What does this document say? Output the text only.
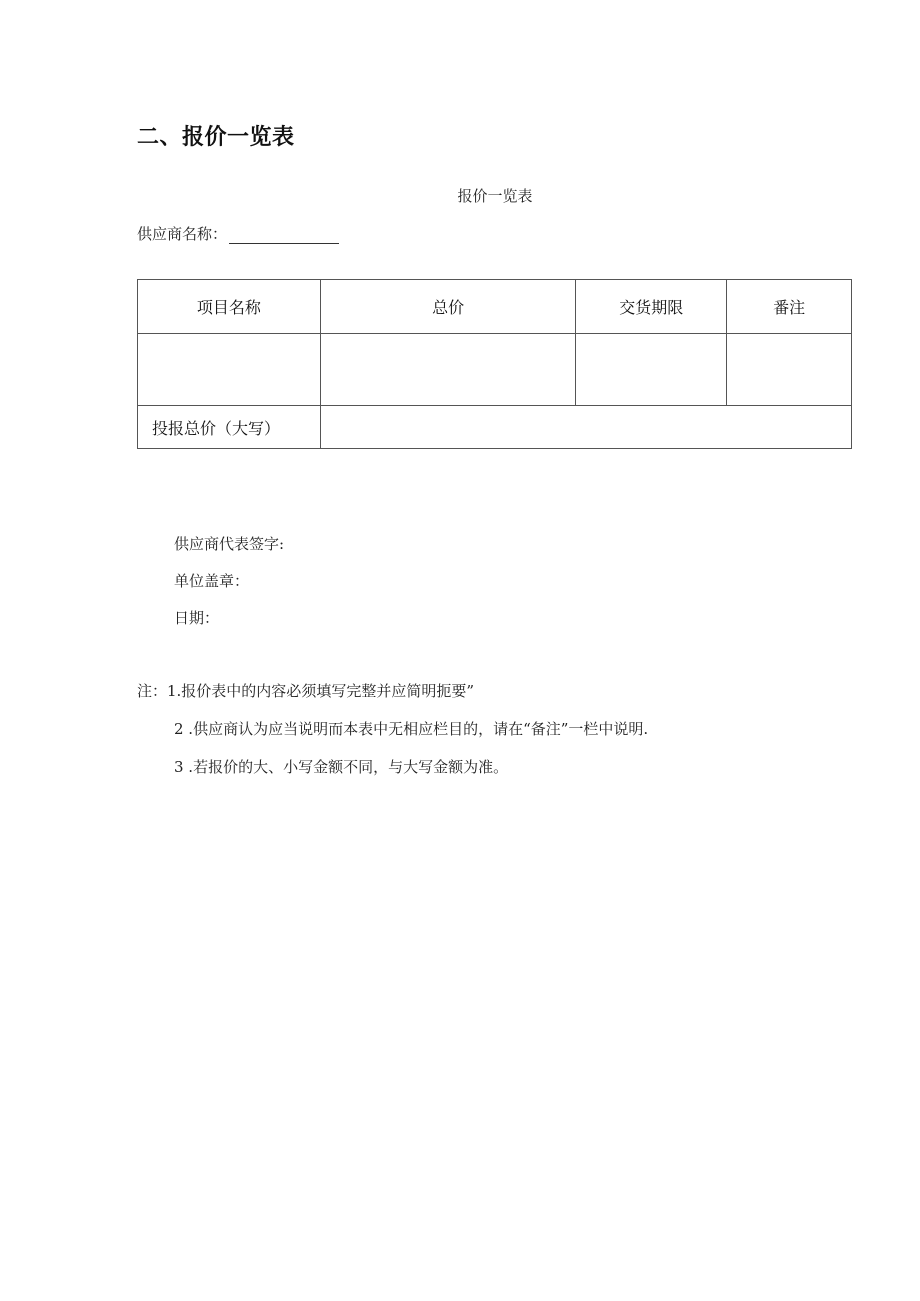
二、报价一览表
报价一览表
供应商名称：
项目名称	总价	交货期限	番注

投报总价（大写）			
供应商代表签字:
单位盖章：
日期：
注：1.报价表中的内容必须填写完整并应简明扼要”
2 .供应商认为应当说明而本表中无相应栏目的，请在“备注”一栏中说明.
3 .若报价的大、小写金额不同，与大写金额为准。
